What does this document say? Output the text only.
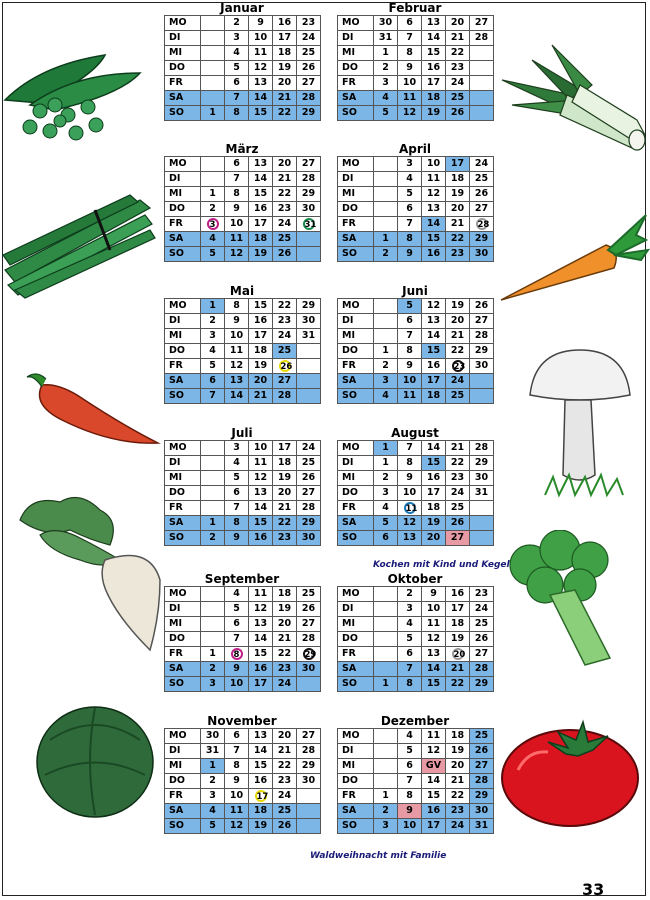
Januar
MO		2	9	16	23
DI		3	10	17	24
MI		4	11	18	25
DO		5	12	19	26
FR		6	13	20	27
SA		7	14	21	28
SO	1	8	15	22	29
Februar
MO	30	6	13	20	27
DI	31	7	14	21	28
MI	1	8	15	22	
DO	2	9	16	23	
FR	3	10	17	24	
SA	4	11	18	25	
SO	5	12	19	26	
März
MO		6	13	20	27
DI		7	14	21	28
MI	1	8	15	22	29
DO	2	9	16	23	30
FR	3	10	17	24	31
SA	4	11	18	25	
SO	5	12	19	26	
April
MO		3	10	17	24
DI		4	11	18	25
MI		5	12	19	26
DO		6	13	20	27
FR		7	14	21	28
SA	1	8	15	22	29
SO	2	9	16	23	30
Mai
MO	1	8	15	22	29
DI	2	9	16	23	30
MI	3	10	17	24	31
DO	4	11	18	25	
FR	5	12	19	26	
SA	6	13	20	27	
SO	7	14	21	28	
Juni
MO		5	12	19	26
DI		6	13	20	27
MI		7	14	21	28
DO	1	8	15	22	29
FR	2	9	16	23	30
SA	3	10	17	24	
SO	4	11	18	25	
Juli
MO		3	10	17	24
DI		4	11	18	25
MI		5	12	19	26
DO		6	13	20	27
FR		7	14	21	28
SA	1	8	15	22	29
SO	2	9	16	23	30
August
MO	1	7	14	21	28
DI	1	8	15	22	29
MI	2	9	16	23	30
DO	3	10	17	24	31
FR	4	11	18	25	
SA	5	12	19	26	
SO	6	13	20	27	
September
MO		4	11	18	25
DI		5	12	19	26
MI		6	13	20	27
DO		7	14	21	28
FR	1	8	15	22	29
SA	2	9	16	23	30
SO	3	10	17	24	
Oktober
MO		2	9	16	23
DI		3	10	17	24
MI		4	11	18	25
DO		5	12	19	26
FR		6	13	20	27
SA		7	14	21	28
SO	1	8	15	22	29
November
MO	30	6	13	20	27
DI	31	7	14	21	28
MI	1	8	15	22	29
DO	2	9	16	23	30
FR	3	10	17	24	
SA	4	11	18	25	
SO	5	12	19	26	
Dezember
MO		4	11	18	25
DI		5	12	19	26
MI		6	GV	20	27
DO		7	14	21	28
FR	1	8	15	22	29
SA	2	9	16	23	30
SO	3	10	17	24	31
Kochen mit Kind und Kegel
Waldweihnacht mit Familie
33
